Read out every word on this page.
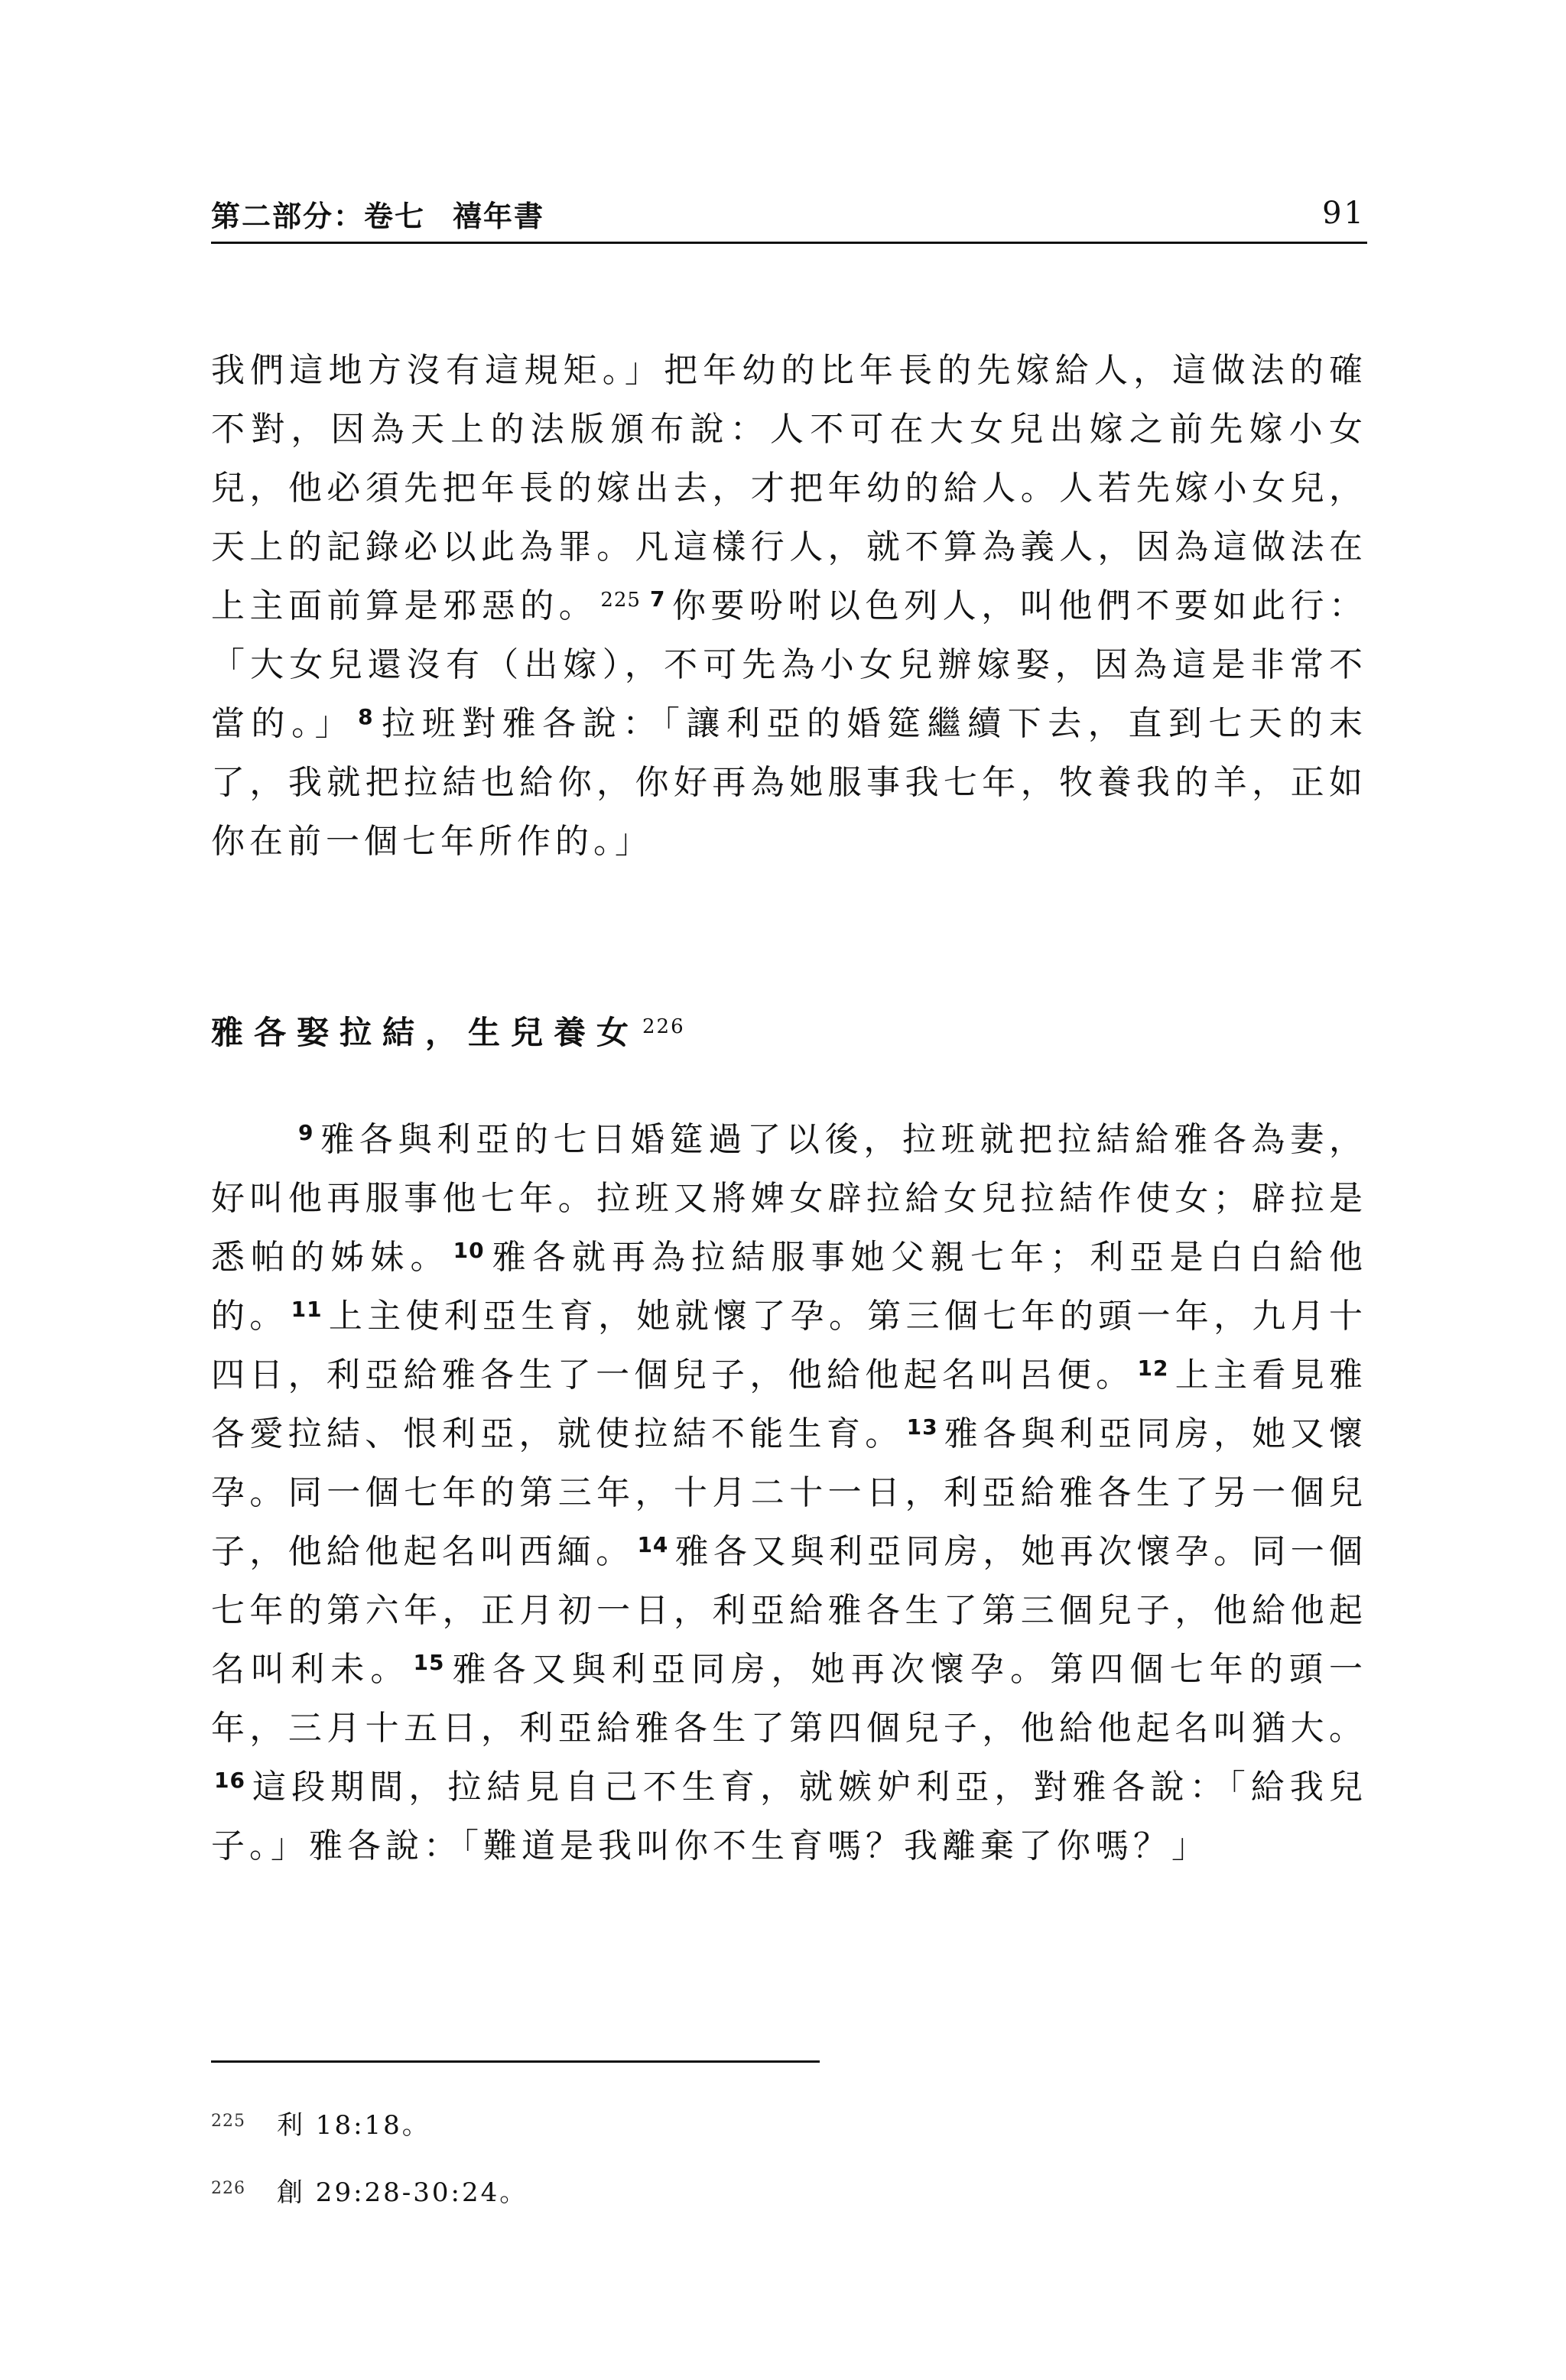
第二部分：卷七 禧年書	91

我們這地方沒有這規矩。」把年幼的比年長的先嫁給人，這做法的確不對，因為天上的法版頒布說：人不可在大女兒出嫁之前先嫁小女兒，他必須先把年長的嫁出去，才把年幼的給人。人若先嫁小女兒，天上的記錄必以此為罪。凡這樣行人，就不算為義人，因為這做法在上主面前算是邪惡的。 $^{225}$ $^7$ 你要吩咐以色列人，叫他們不要如此行：「大女兒還沒有（出嫁），不可先為小女兒辦嫁娶，因為這是非常不當的。」 $^8$ 拉班對雅各說：「讓利亞的婚筵繼續下去，直到七天的末了，我就把拉結也給你，你好再為她服事我七年，牧養我的羊，正如你在前一個七年所作的。」

雅各娶拉結，生兒養女 $^{226}$

$^9$ 雅各與利亞的七日婚筵過了以後，拉班就把拉結給雅各為妻，好叫他再服事他七年。拉班又將婢女辟拉給女兒拉結作使女；辟拉是悉帕的姊妹。 $^{10}$ 雅各就再為拉結服事她父親七年；利亞是白白給他的。 $^{11}$ 上主使利亞生育，她就懷了孕。第三個七年的頭一年，九月十四日，利亞給雅各生了一個兒子，他給他起名叫呂便。 $^{12}$ 上主看見雅各愛拉結、恨利亞，就使拉結不能生育。 $^{13}$ 雅各與利亞同房，她又懷孕。同一個七年的第三年，十月二十一日，利亞給雅各生了另一個兒子，他給他起名叫西緬。 $^{14}$ 雅各又與利亞同房，她再次懷孕。同一個七年的第六年，正月初一日，利亞給雅各生了第三個兒子，他給他起名叫利未。 $^{15}$ 雅各又與利亞同房，她再次懷孕。第四個七年的頭一年，三月十五日，利亞給雅各生了第四個兒子，他給他起名叫猶大。$^{16}$ 這段期間，拉結見自己不生育，就嫉妒利亞，對雅各說：「給我兒子。」雅各說：「難道是我叫你不生育嗎？我離棄了你嗎？」

225 利 18:18。
226 創 29:28-30:24。
